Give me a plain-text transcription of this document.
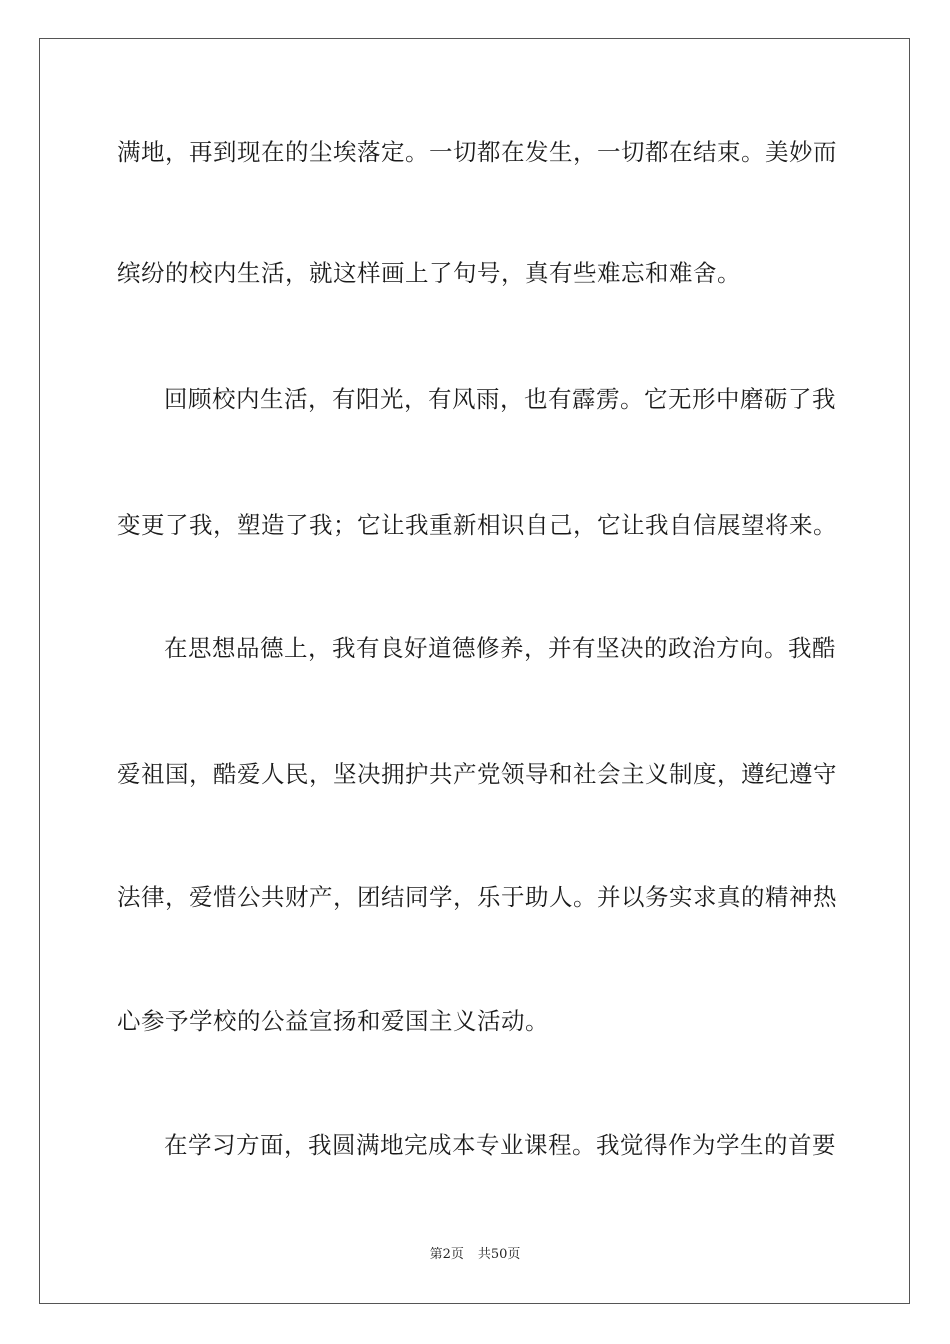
满地，再到现在的尘埃落定。一切都在发生，一切都在结束。美妙而
缤纷的校内生活，就这样画上了句号，真有些难忘和难舍。
回顾校内生活，有阳光，有风雨，也有霹雳。它无形中磨砺了我
变更了我，塑造了我；它让我重新相识自己，它让我自信展望将来。
在思想品德上，我有良好道德修养，并有坚决的政治方向。我酷
爱祖国，酷爱人民，坚决拥护共产党领导和社会主义制度，遵纪遵守
法律，爱惜公共财产，团结同学，乐于助人。并以务实求真的精神热
心参予学校的公益宣扬和爱国主义活动。
在学习方面，我圆满地完成本专业课程。我觉得作为学生的首要
第2页 共50页
